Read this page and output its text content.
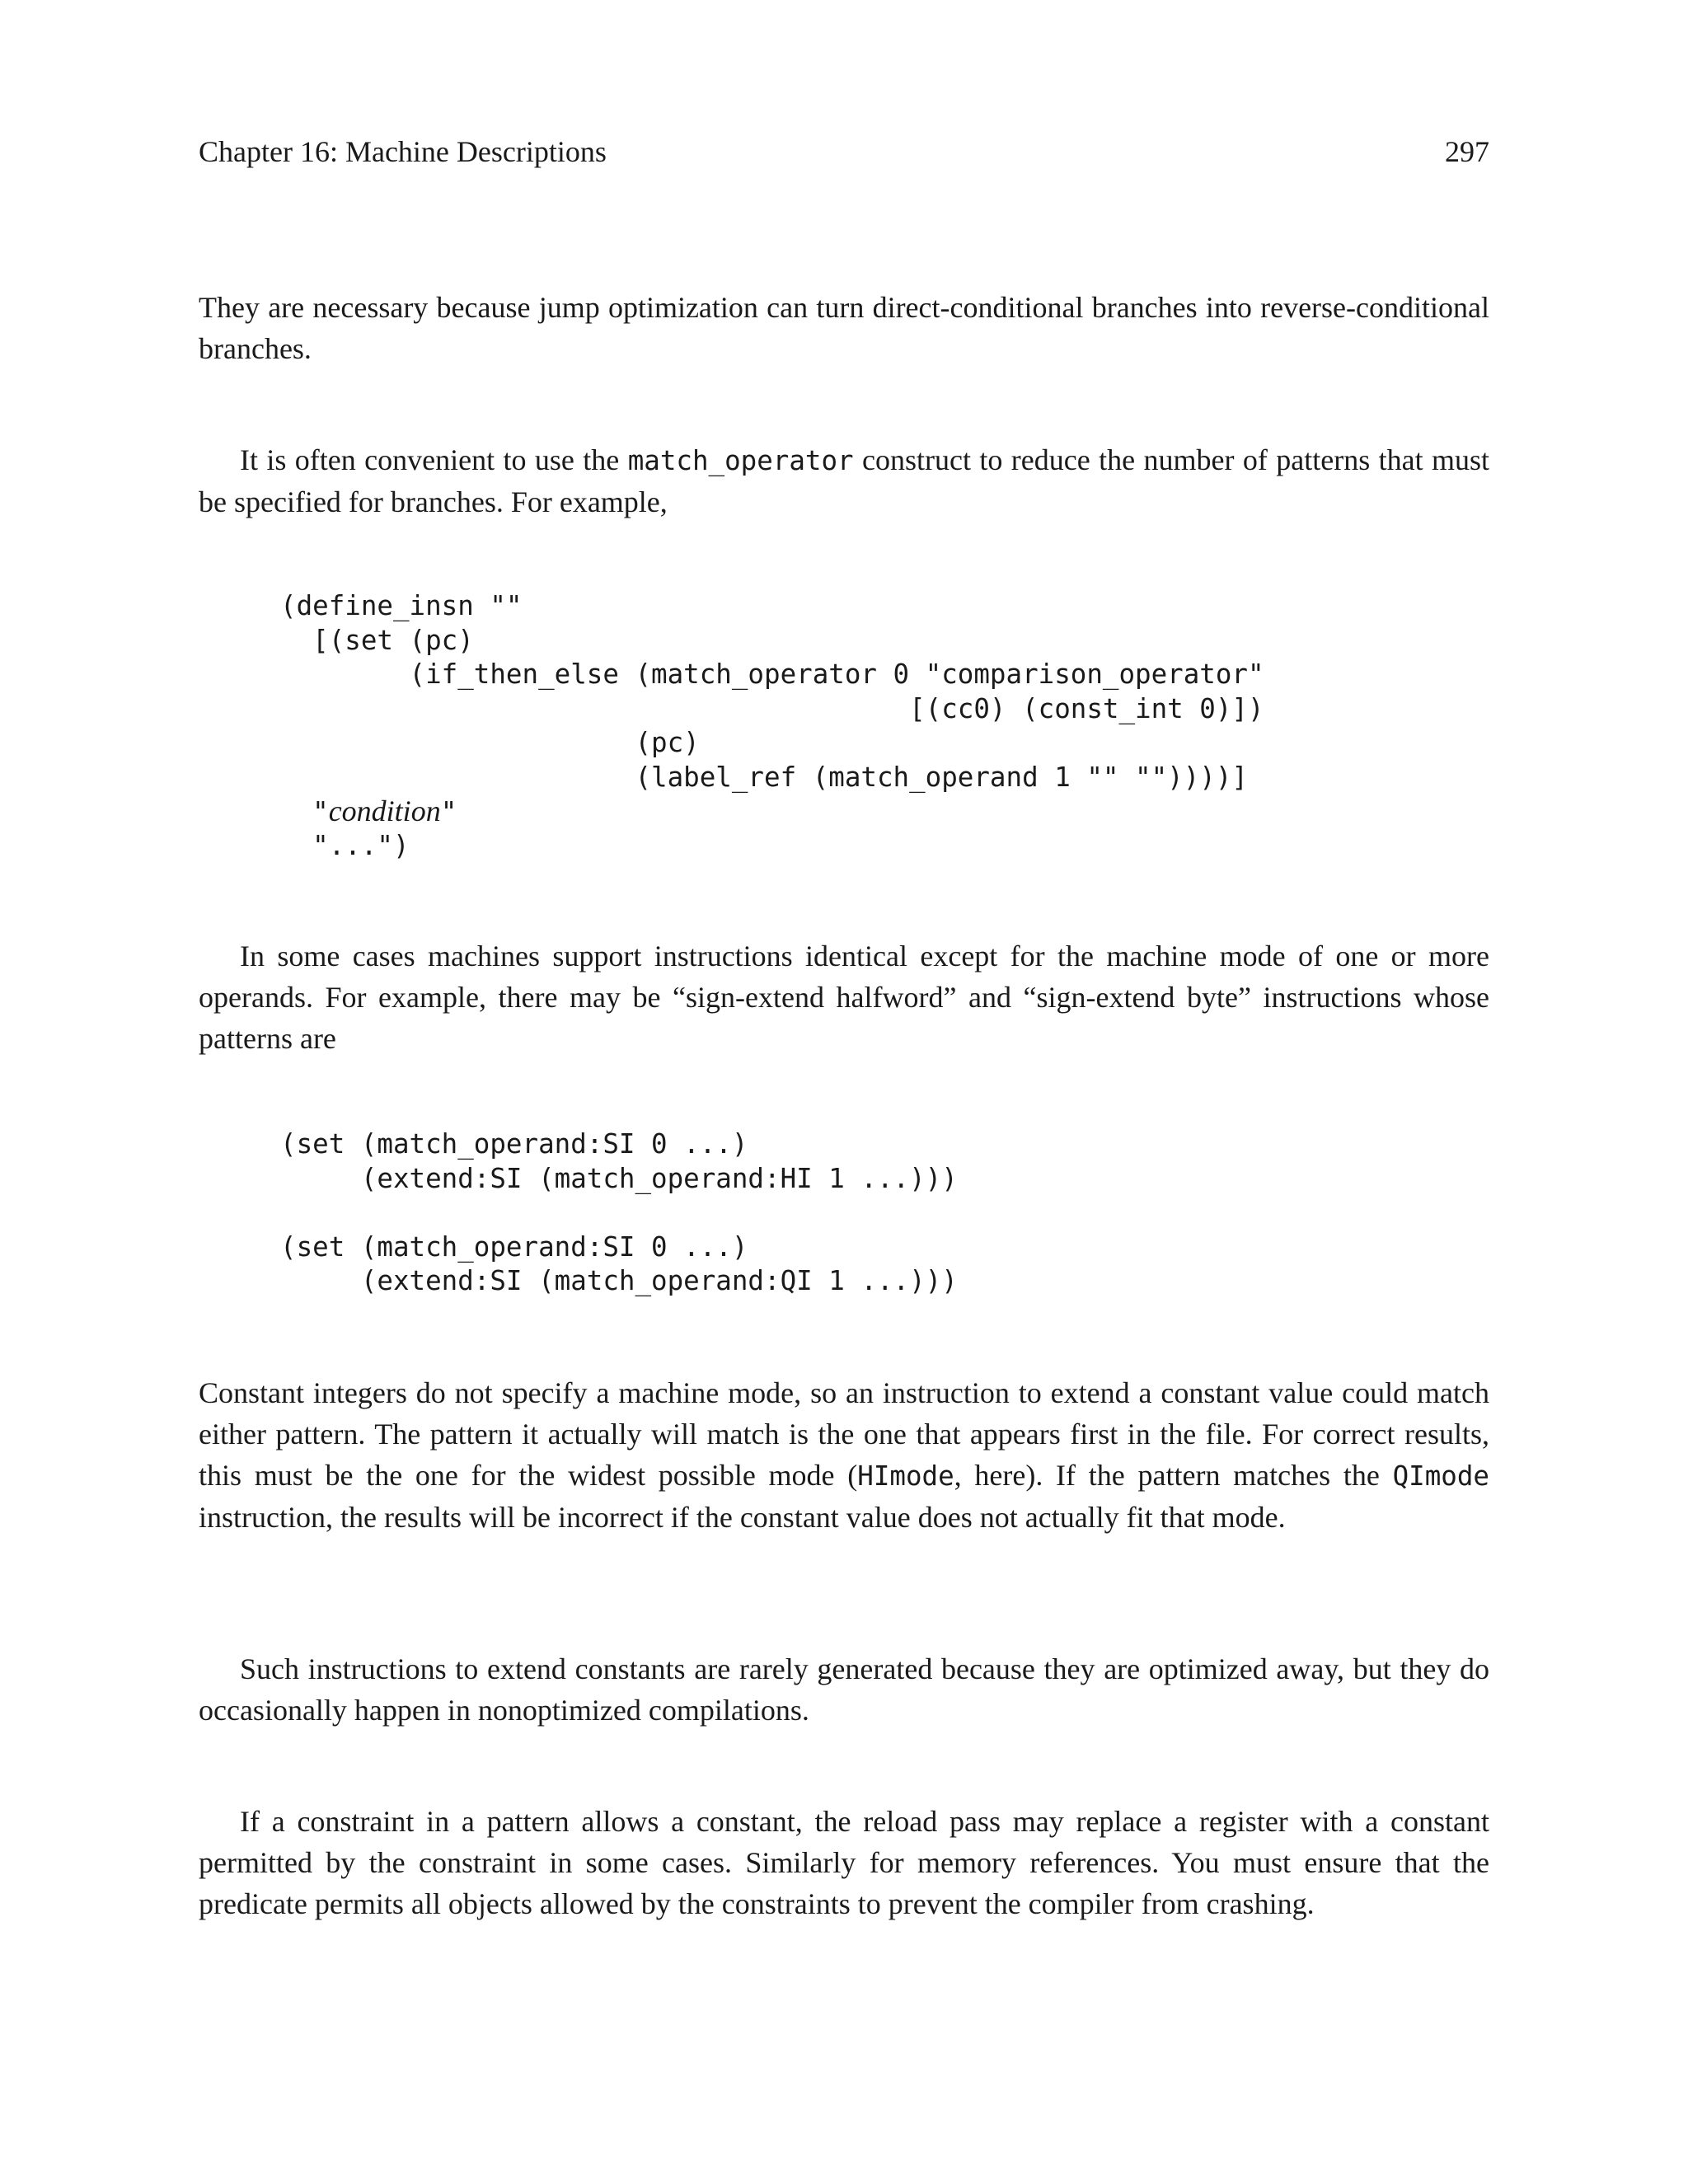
Chapter 16: Machine Descriptions	297

They are necessary because jump optimization can turn direct-conditional branches into reverse-conditional branches.

It is often convenient to use the match_operator construct to reduce the number of patterns that must be specified for branches. For example,

(define_insn ""
[(set (pc)
(if_then_else (match_operator 0 "comparison_operator"
[(cc0) (const_int 0)])
(pc)
(label_ref (match_operand 1 "" ""))))]
"condition"
"...")

In some cases machines support instructions identical except for the machine mode of one or more operands. For example, there may be “sign-extend halfword” and “sign-extend byte” instructions whose patterns are

(set (match_operand:SI 0 ...)
(extend:SI (match_operand:HI 1 ...)))
(set (match_operand:SI 0 ...)
(extend:SI (match_operand:QI 1 ...)))

Constant integers do not specify a machine mode, so an instruction to extend a constant value could match either pattern. The pattern it actually will match is the one that appears first in the file. For correct results, this must be the one for the widest possible mode (HImode, here). If the pattern matches the QImode instruction, the results will be incorrect if the constant value does not actually fit that mode.

Such instructions to extend constants are rarely generated because they are optimized away, but they do occasionally happen in nonoptimized compilations.

If a constraint in a pattern allows a constant, the reload pass may replace a register with a constant permitted by the constraint in some cases. Similarly for memory references. You must ensure that the predicate permits all objects allowed by the constraints to prevent the compiler from crashing.
